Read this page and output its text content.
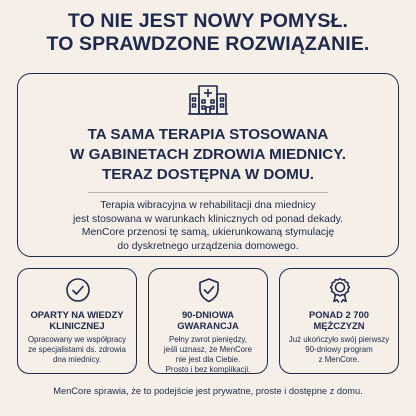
TO NIE JEST NOWY POMYSŁ.
TO SPRAWDZONE ROZWIĄZANIE.
TA SAMA TERAPIA STOSOWANA
W GABINETACH ZDROWIA MIEDNICY.
TERAZ DOSTĘPNA W DOMU.
Terapia wibracyjna w rehabilitacji dna miednicy
jest stosowana w warunkach klinicznych od ponad dekady.
MenCore przenosi tę samą, ukierunkowaną stymulację
do dyskretnego urządzenia domowego.
OPARTY NA WIEDZY
KLINICZNEJ
Opracowany we współpracy
ze specjalistami ds. zdrowia
dna miednicy.
90-DNIOWA
GWARANCJA
Pełny zwrot pieniędzy,
jeśli uznasz, że MenCore
nie jest dla Ciebie.
Prosto i bez komplikacji.
PONAD 2 700
MĘŻCZYZN
Już ukończyło swój pierwszy
90-dniowy program
z MenCore.
MenCore sprawia, że to podejście jest prywatne, proste i dostępne z domu.
